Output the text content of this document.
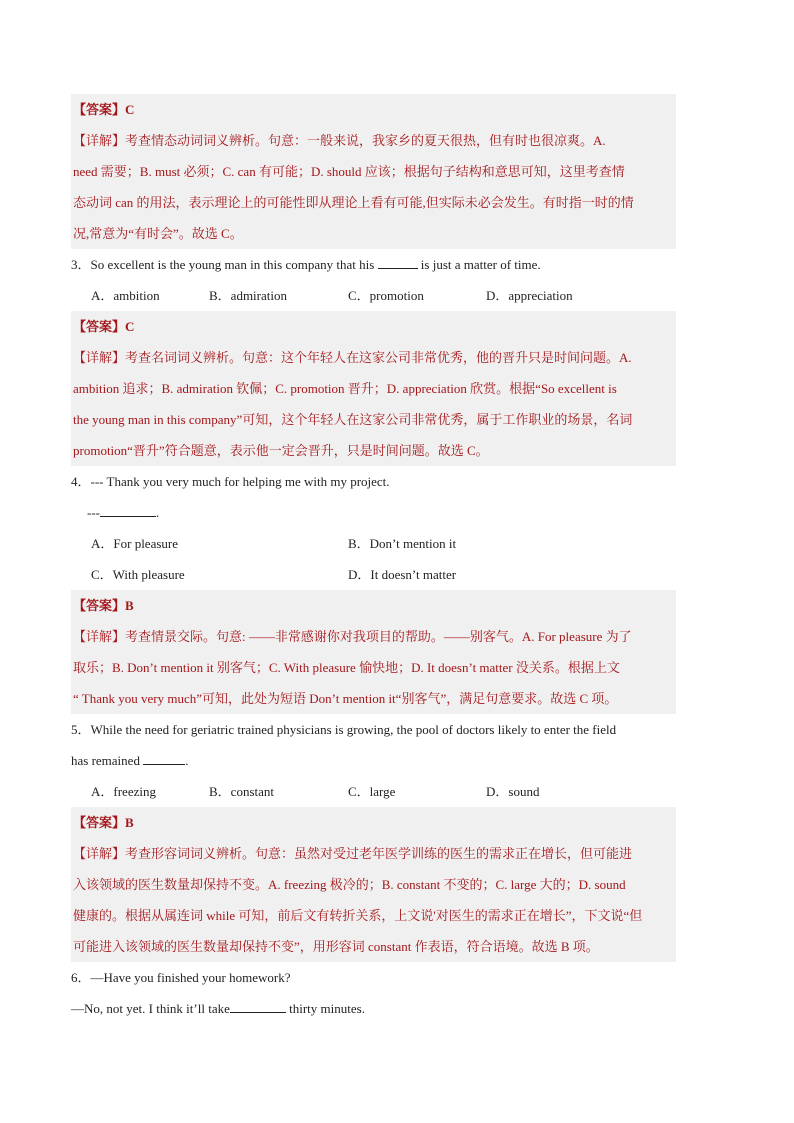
【答案】C
【详解】考查情态动词词义辨析。句意：一般来说，我家乡的夏天很热，但有时也很凉爽。A.
need 需要；B. must 必须；C. can 有可能；D. should 应该；根据句子结构和意思可知，这里考查情
态动词 can 的用法，表示理论上的可能性即从理论上看有可能,但实际未必会发生。有时指一时的情
况,常意为“有时会”。故选 C。
3．So excellent is the young man in this company that his	is just a matter of time.
A．ambition	B．admiration	C．promotion	D．appreciation
【答案】C
【详解】考查名词词义辨析。句意：这个年轻人在这家公司非常优秀，他的晋升只是时间问题。A.
ambition 追求；B. admiration 钦佩；C. promotion 晋升；D. appreciation 欣赏。根据“So excellent is
the young man in this company”可知，这个年轻人在这家公司非常优秀，属于工作职业的场景，名词
promotion“晋升”符合题意，表示他一定会晋升，只是时间问题。故选 C。
4．--- Thank you very much for helping me with my project.
---	.
A．For pleasure	B．Don’t mention it
C．With pleasure	D．It doesn’t matter
【答案】B
【详解】考查情景交际。句意: ——非常感谢你对我项目的帮助。——别客气。A. For pleasure 为了
取乐；B. Don’t mention it 别客气；C. With pleasure 愉快地；D. It doesn’t matter 没关系。根据上文
“ Thank you very much”可知，此处为短语 Don’t mention it“别客气”，满足句意要求。故选 C 项。
5．While the need for geriatric trained physicians is growing, the pool of doctors likely to enter the field
has remained	.
A．freezing	B．constant	C．large	D．sound
【答案】B
【详解】考查形容词词义辨析。句意：虽然对受过老年医学训练的医生的需求正在增长，但可能进
入该领域的医生数量却保持不变。A. freezing 极冷的；B. constant 不变的；C. large 大的；D. sound
健康的。根据从属连词 while 可知，前后文有转折关系，上文说'对医生的需求正在增长”，下文说“但
可能进入该领域的医生数量却保持不变”，用形容词 constant 作表语，符合语境。故选 B 项。
6．—Have you finished your homework?
—No, not yet. I think it’ll take	thirty minutes.
